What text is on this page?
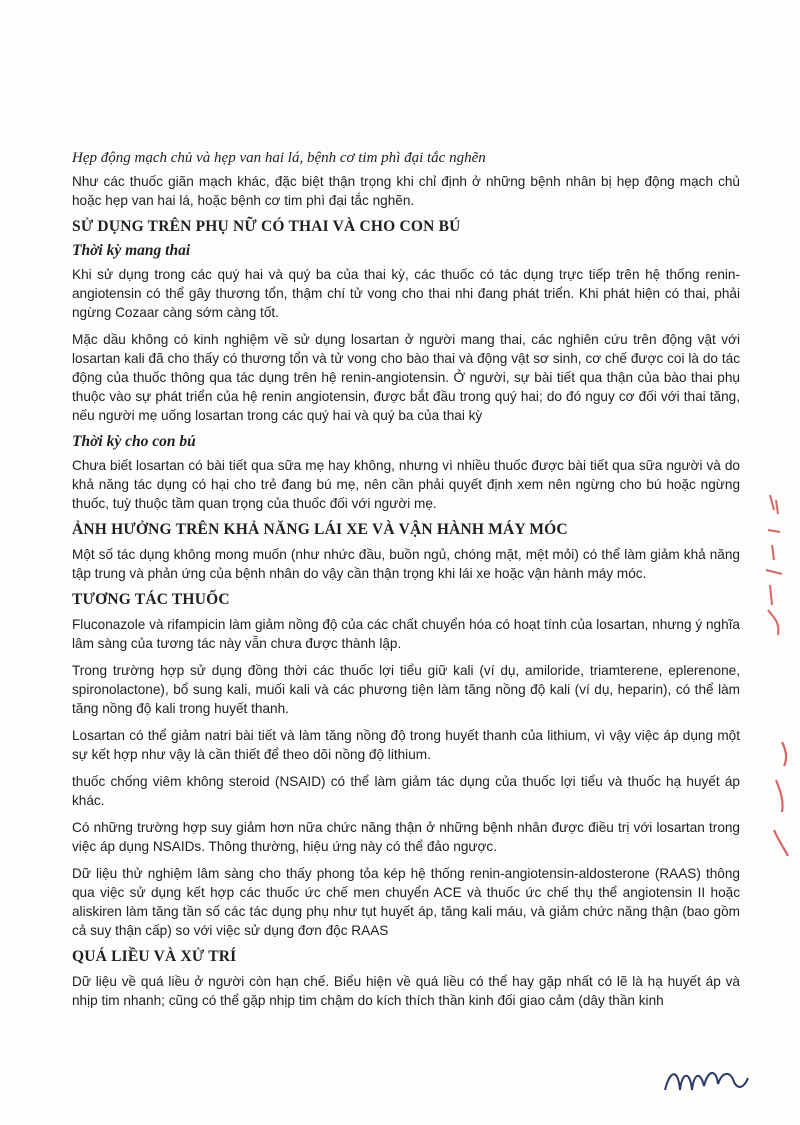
Hẹp động mạch chủ và hẹp van hai lá, bệnh cơ tim phì đại tắc nghẽn

Như các thuốc giãn mạch khác, đặc biệt thận trọng khi chỉ định ở những bệnh nhân bị hẹp động mạch chủ hoặc hẹp van hai lá, hoặc bệnh cơ tim phì đại tắc nghẽn.

SỬ DỤNG TRÊN PHỤ NỮ CÓ THAI VÀ CHO CON BÚ

Thời kỳ mang thai

Khi sử dụng trong các quý hai và quý ba của thai kỳ, các thuốc có tác dụng trực tiếp trên hệ thống renin-angiotensin có thể gây thương tổn, thậm chí tử vong cho thai nhi đang phát triển. Khi phát hiện có thai, phải ngừng Cozaar càng sớm càng tốt.

Mặc dầu không có kinh nghiệm về sử dụng losartan ở người mang thai, các nghiên cứu trên động vật với losartan kali đã cho thấy có thương tổn và tử vong cho bào thai và động vật sơ sinh, cơ chế được coi là do tác động của thuốc thông qua tác dụng trên hệ renin-angiotensin. Ở người, sự bài tiết qua thận của bào thai phụ thuộc vào sự phát triển của hệ renin angiotensin, được bắt đầu trong quý hai; do đó nguy cơ đối với thai tăng, nếu người mẹ uống losartan trong các quý hai và quý ba của thai kỳ

Thời kỳ cho con bú

Chưa biết losartan có bài tiết qua sữa mẹ hay không, nhưng vì nhiều thuốc được bài tiết qua sữa người và do khả năng tác dụng có hại cho trẻ đang bú mẹ, nên cần phải quyết định xem nên ngừng cho bú hoặc ngừng thuốc, tuỳ thuộc tầm quan trọng của thuốc đối với người mẹ.

ẢNH HƯỞNG TRÊN KHẢ NĂNG LÁI XE VÀ VẬN HÀNH MÁY MÓC

Một số tác dụng không mong muốn (như nhức đầu, buồn ngủ, chóng mặt, mệt mỏi) có thể làm giảm khả năng tập trung và phản ứng của bệnh nhân do vậy cần thận trọng khi lái xe hoặc vận hành máy móc.

TƯƠNG TÁC THUỐC

Fluconazole và rifampicin làm giảm nồng độ của các chất chuyển hóa có hoạt tính của losartan, nhưng ý nghĩa lâm sàng của tương tác này vẫn chưa được thành lập.

Trong trường hợp sử dụng đồng thời các thuốc lợi tiểu giữ kali (ví dụ, amiloride, triamterene, eplerenone, spironolactone), bổ sung kali, muối kali và các phương tiện làm tăng nồng độ kali (ví dụ, heparin), có thể làm tăng nồng độ kali trong huyết thanh.

Losartan có thể giảm natri bài tiết và làm tăng nồng độ trong huyết thanh của lithium, vì vậy việc áp dụng một sự kết hợp như vậy là cần thiết để theo dõi nồng độ lithium.

thuốc chống viêm không steroid (NSAID) có thể làm giảm tác dụng của thuốc lợi tiểu và thuốc hạ huyết áp khác.

Có những trường hợp suy giảm hơn nữa chức năng thận ở những bệnh nhân được điều trị với losartan trong việc áp dụng NSAIDs. Thông thường, hiệu ứng này có thể đảo ngược.

Dữ liệu thử nghiệm lâm sàng cho thấy phong tỏa kép hệ thống renin-angiotensin-aldosterone (RAAS) thông qua việc sử dụng kết hợp các thuốc ức chế men chuyển ACE và thuốc ức chế thụ thể angiotensin II hoặc aliskiren làm tăng tần số các tác dụng phụ như tụt huyết áp, tăng kali máu, và giảm chức năng thận (bao gồm cả suy thận cấp) so với việc sử dụng đơn độc RAAS

QUÁ LIỀU VÀ XỬ TRÍ

Dữ liệu về quá liều ở người còn hạn chế. Biểu hiện về quá liều có thể hay gặp nhất có lẽ là hạ huyết áp và nhịp tim nhanh; cũng có thể gặp nhịp tim chậm do kích thích thần kinh đối giao cảm (dây thần kinh
